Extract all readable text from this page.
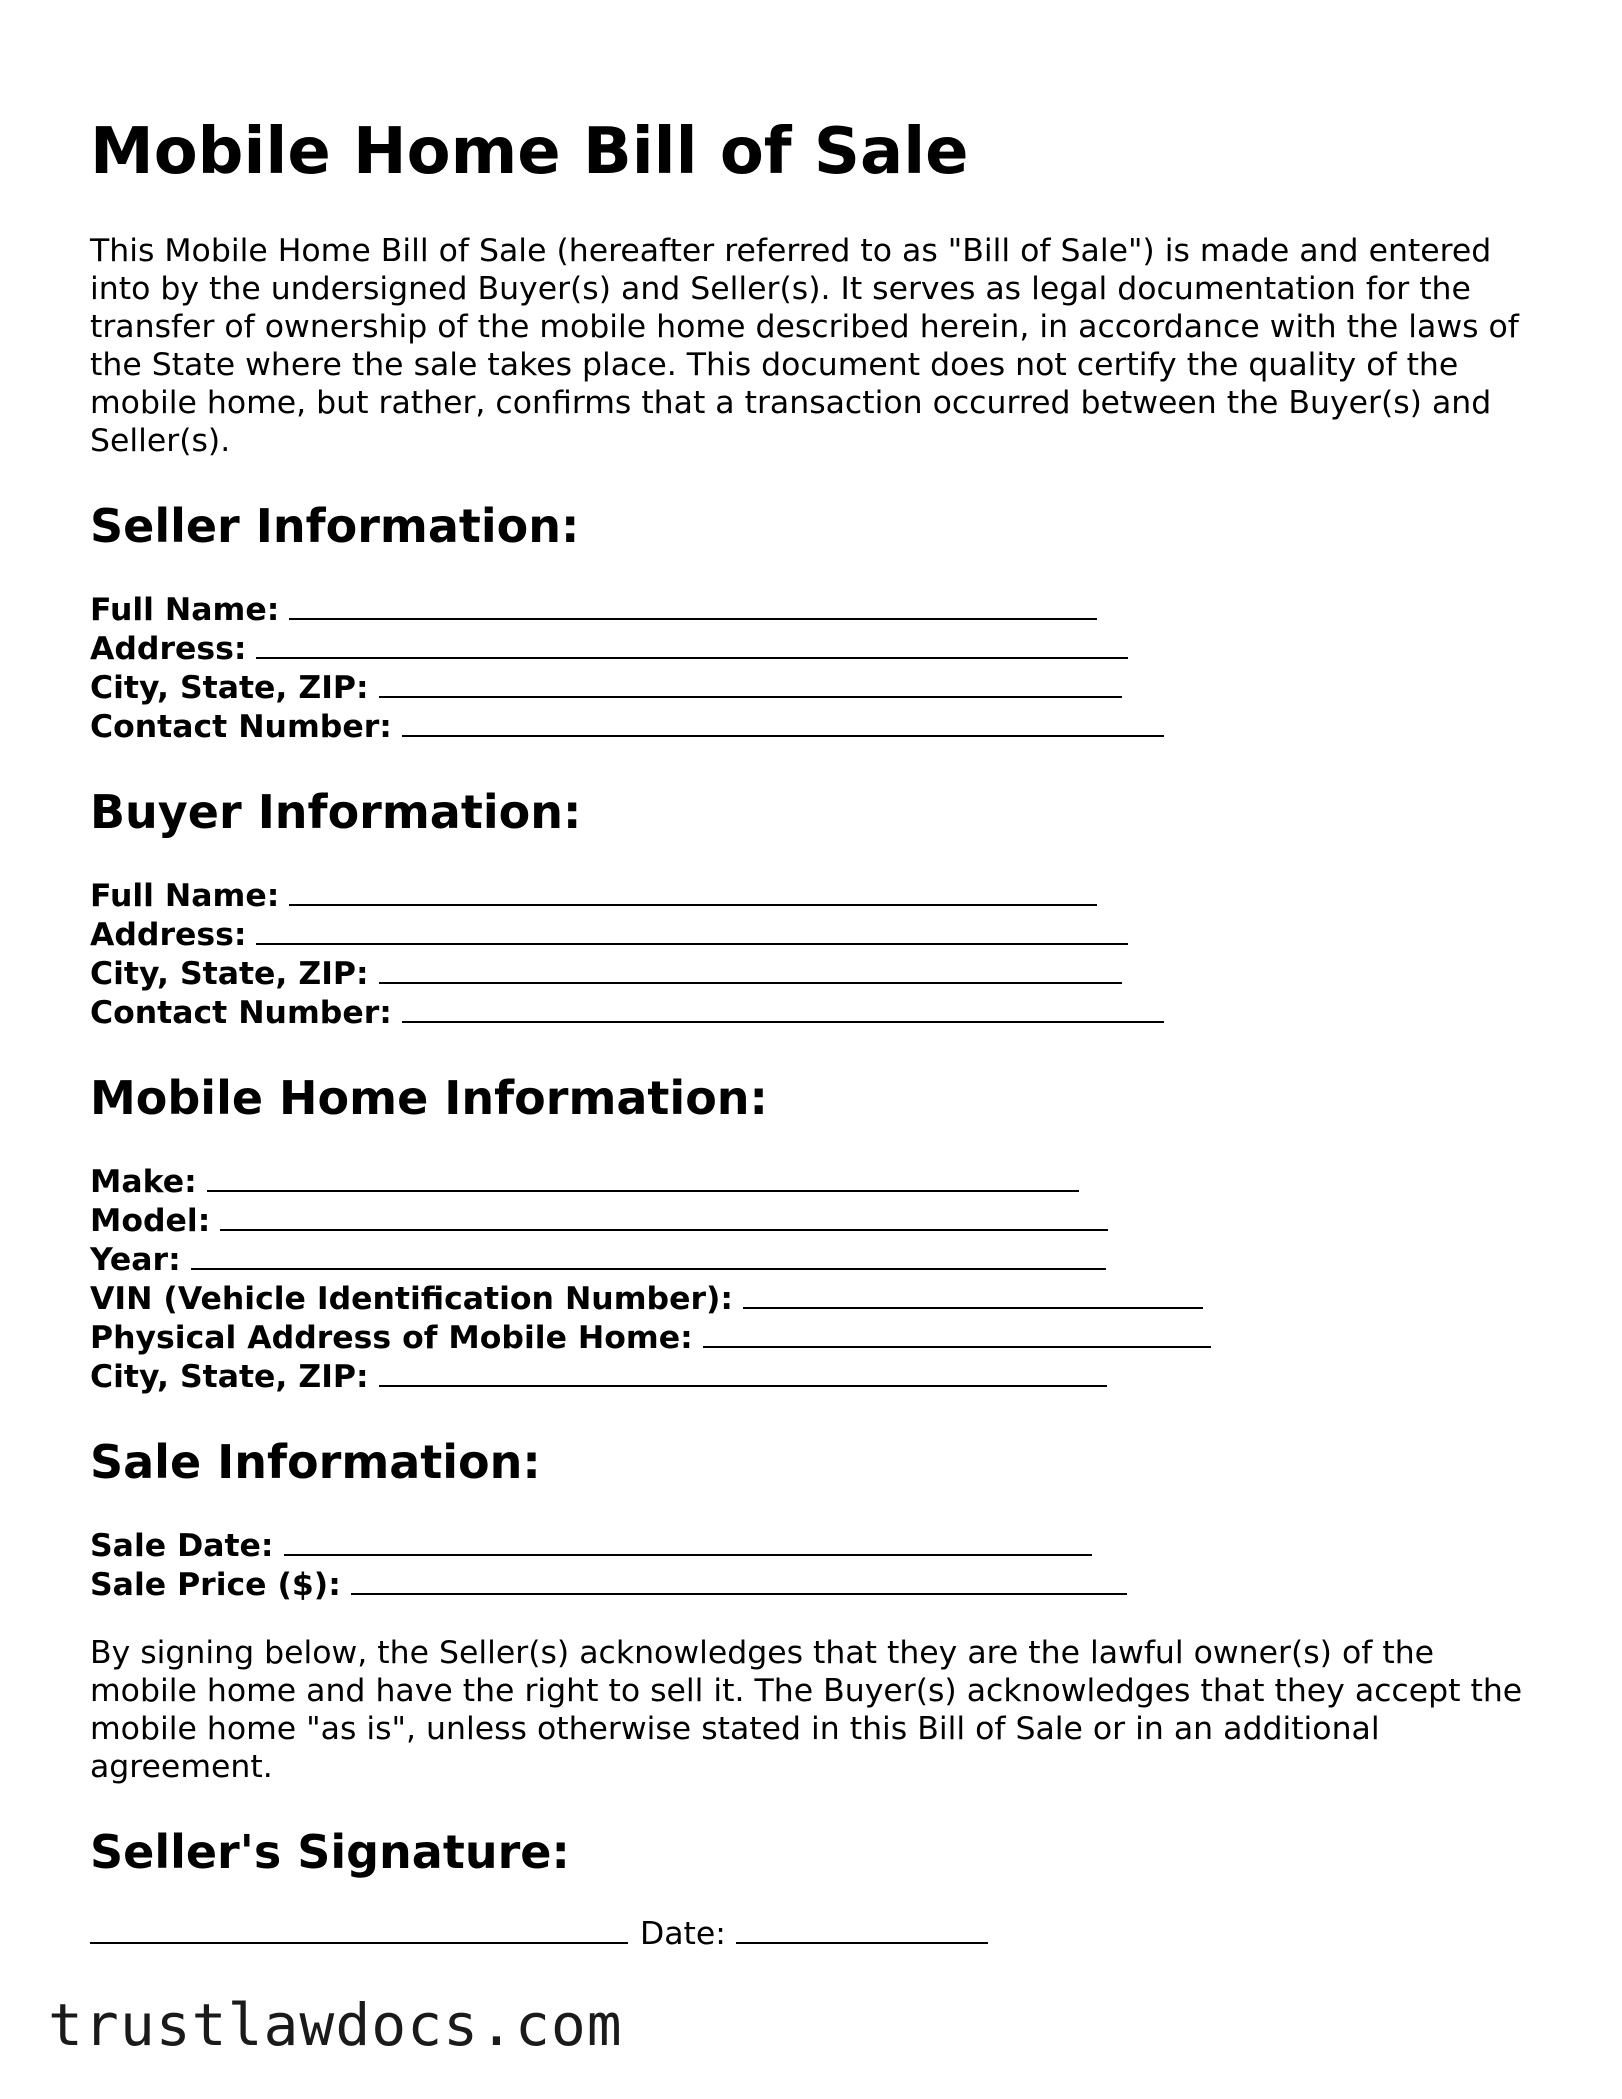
Mobile Home Bill of Sale

This Mobile Home Bill of Sale (hereafter referred to as "Bill of Sale") is made and entered into by the undersigned Buyer(s) and Seller(s). It serves as legal documentation for the transfer of ownership of the mobile home described herein, in accordance with the laws of the State where the sale takes place. This document does not certify the quality of the mobile home, but rather, confirms that a transaction occurred between the Buyer(s) and Seller(s).

Seller Information:
Full Name:
Address:
City, State, ZIP:
Contact Number:
Buyer Information:
Full Name:
Address:
City, State, ZIP:
Contact Number:
Mobile Home Information:
Make:
Model:
Year:
VIN (Vehicle Identification Number):
Physical Address of Mobile Home:
City, State, ZIP:
Sale Information:
Sale Date:
Sale Price ($):

By signing below, the Seller(s) acknowledges that they are the lawful owner(s) of the mobile home and have the right to sell it. The Buyer(s) acknowledges that they accept the mobile home "as is", unless otherwise stated in this Bill of Sale or in an additional agreement.

Seller's Signature:
Date:
trustlawdocs.com
